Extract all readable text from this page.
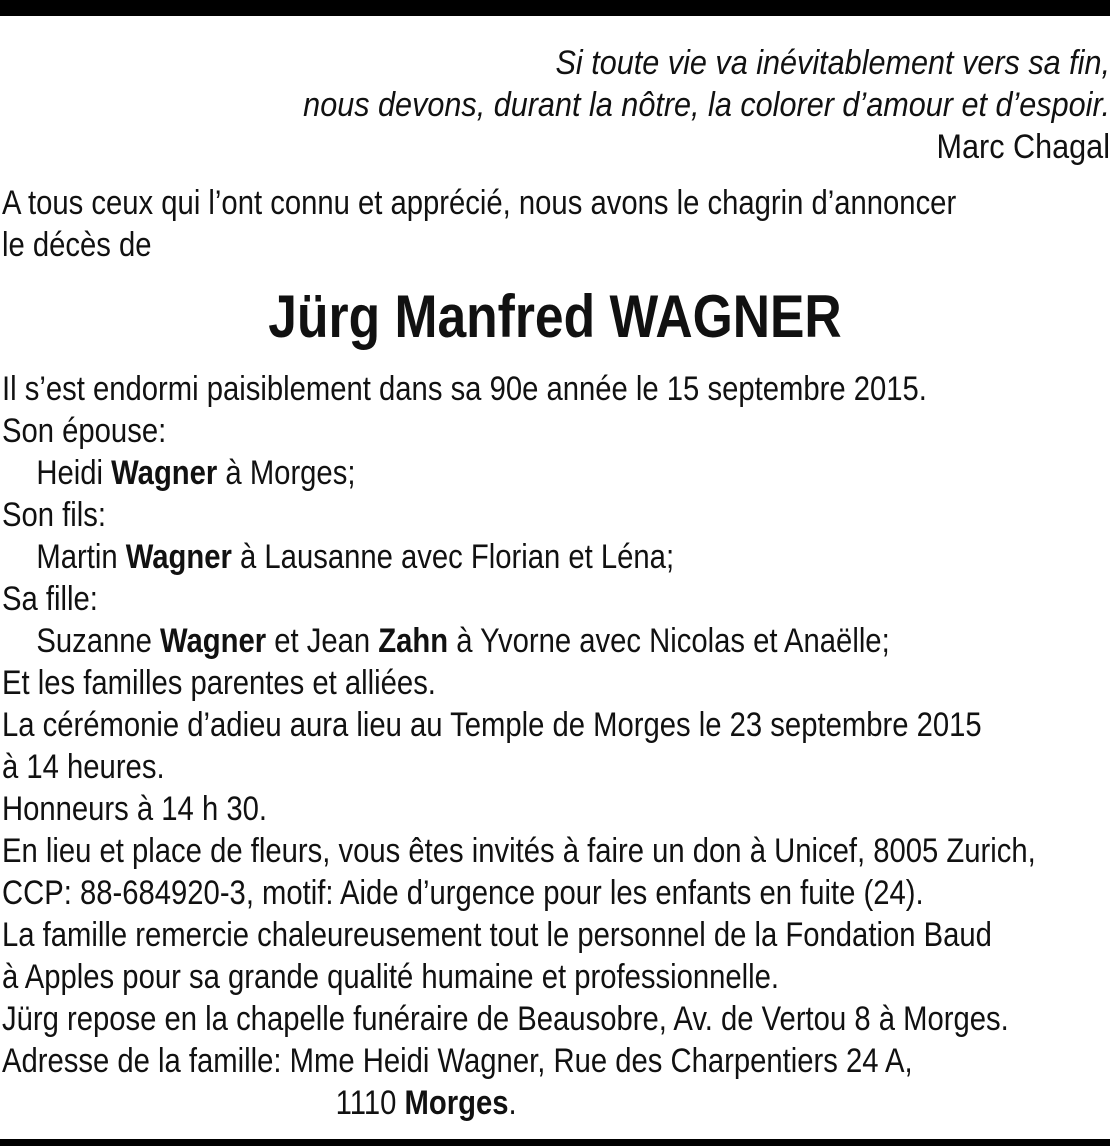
Si toute vie va inévitablement vers sa fin,
nous devons, durant la nôtre, la colorer d’amour et d’espoir.
Marc Chagal

A tous ceux qui l’ont connu et apprécié, nous avons le chagrin d’annoncer

le décès de

Jürg Manfred WAGNER

Il s’est endormi paisiblement dans sa 90e année le 15 septembre 2015.

Son épouse:

Heidi Wagner à Morges;

Son fils:

Martin Wagner à Lausanne avec Florian et Léna;

Sa fille:

Suzanne Wagner et Jean Zahn à Yvorne avec Nicolas et Anaëlle;

Et les familles parentes et alliées.

La cérémonie d’adieu aura lieu au Temple de Morges le 23 septembre 2015

à 14 heures.

Honneurs à 14 h 30.

En lieu et place de fleurs, vous êtes invités à faire un don à Unicef, 8005 Zurich,

CCP: 88-684920-3, motif: Aide d’urgence pour les enfants en fuite (24).

La famille remercie chaleureusement tout le personnel de la Fondation Baud

à Apples pour sa grande qualité humaine et professionnelle.

Jürg repose en la chapelle funéraire de Beausobre, Av. de Vertou 8 à Morges.

Adresse de la famille: Mme Heidi Wagner, Rue des Charpentiers 24 A,

1110 Morges.
